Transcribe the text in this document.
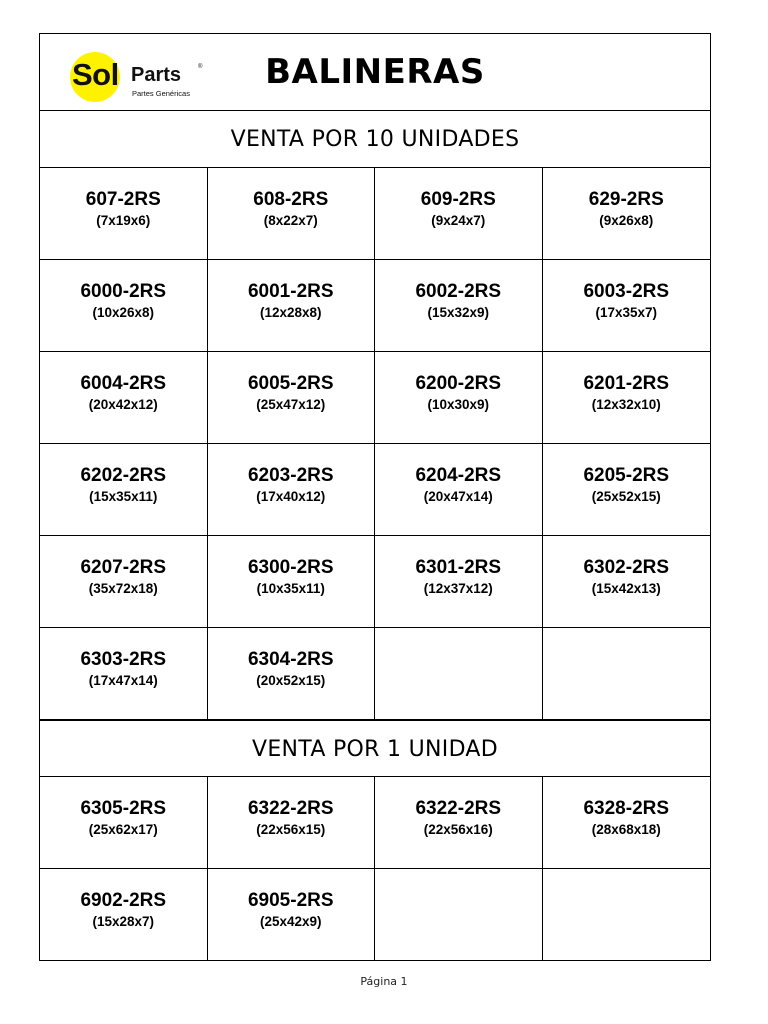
Sol Parts	®
Partes Genéricas
BALINERAS
VENTA POR 10 UNIDADES
607-2RS
(7x19x6)
608-2RS
(8x22x7)
609-2RS
(9x24x7)
629-2RS
(9x26x8)
6000-2RS
(10x26x8)
6001-2RS
(12x28x8)
6002-2RS
(15x32x9)
6003-2RS
(17x35x7)
6004-2RS
(20x42x12)
6005-2RS
(25x47x12)
6200-2RS
(10x30x9)
6201-2RS
(12x32x10)
6202-2RS
(15x35x11)
6203-2RS
(17x40x12)
6204-2RS
(20x47x14)
6205-2RS
(25x52x15)
6207-2RS
(35x72x18)
6300-2RS
(10x35x11)
6301-2RS
(12x37x12)
6302-2RS
(15x42x13)
6303-2RS
(17x47x14)
6304-2RS
(20x52x15)
VENTA POR 1 UNIDAD
6305-2RS
(25x62x17)
6322-2RS
(22x56x15)
6322-2RS
(22x56x16)
6328-2RS
(28x68x18)
6902-2RS
(15x28x7)
6905-2RS
(25x42x9)
Página 1
